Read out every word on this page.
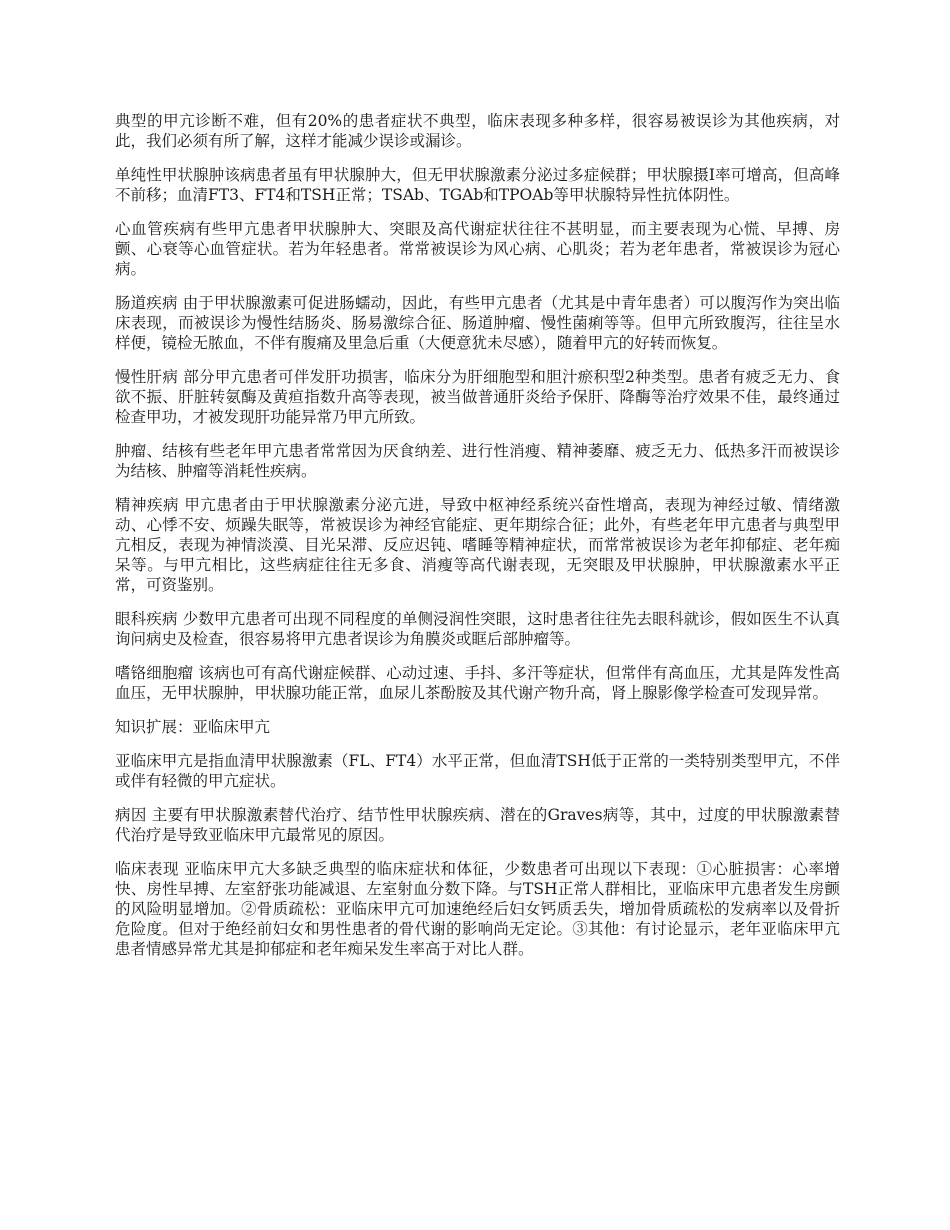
典型的甲亢诊断不难，但有20%的患者症状不典型，临床表现多种多样，很容易被误诊为其他疾病，对此，我们必须有所了解，这样才能减少误诊或漏诊。

单纯性甲状腺肿该病患者虽有甲状腺肿大，但无甲状腺激素分泌过多症候群；甲状腺摄I率可增高，但高峰不前移；血清FT3、FT4和TSH正常；TSAb、TGAb和TPOAb等甲状腺特异性抗体阴性。

心血管疾病有些甲亢患者甲状腺肿大、突眼及高代谢症状往往不甚明显，而主要表现为心慌、早搏、房颤、心衰等心血管症状。若为年轻患者。常常被误诊为风心病、心肌炎；若为老年患者，常被误诊为冠心病。

肠道疾病 由于甲状腺激素可促进肠蠕动，因此，有些甲亢患者（尤其是中青年患者）可以腹泻作为突出临床表现，而被误诊为慢性结肠炎、肠易激综合征、肠道肿瘤、慢性菌痢等等。但甲亢所致腹泻，往往呈水样便，镜检无脓血，不伴有腹痛及里急后重（大便意犹未尽感），随着甲亢的好转而恢复。

慢性肝病 部分甲亢患者可伴发肝功损害，临床分为肝细胞型和胆汁瘀积型2种类型。患者有疲乏无力、食欲不振、肝脏转氨酶及黄疸指数升高等表现，被当做普通肝炎给予保肝、降酶等治疗效果不佳，最终通过检查甲功，才被发现肝功能异常乃甲亢所致。

肿瘤、结核有些老年甲亢患者常常因为厌食纳差、进行性消瘦、精神萎靡、疲乏无力、低热多汗而被误诊为结核、肿瘤等消耗性疾病。

精神疾病 甲亢患者由于甲状腺激素分泌亢进，导致中枢神经系统兴奋性增高，表现为神经过敏、情绪激动、心悸不安、烦躁失眠等，常被误诊为神经官能症、更年期综合征；此外，有些老年甲亢患者与典型甲亢相反，表现为神情淡漠、目光呆滞、反应迟钝、嗜睡等精神症状，而常常被误诊为老年抑郁症、老年痴呆等。与甲亢相比，这些病症往往无多食、消瘦等高代谢表现，无突眼及甲状腺肿，甲状腺激素水平正常，可资鉴别。

眼科疾病 少数甲亢患者可出现不同程度的单侧浸润性突眼，这时患者往往先去眼科就诊，假如医生不认真询问病史及检查，很容易将甲亢患者误诊为角膜炎或眶后部肿瘤等。

嗜铬细胞瘤 该病也可有高代谢症候群、心动过速、手抖、多汗等症状，但常伴有高血压，尤其是阵发性高血压，无甲状腺肿，甲状腺功能正常，血尿儿茶酚胺及其代谢产物升高，肾上腺影像学检查可发现异常。

知识扩展：亚临床甲亢

亚临床甲亢是指血清甲状腺激素（FL、FT4）水平正常，但血清TSH低于正常的一类特别类型甲亢，不伴或伴有轻微的甲亢症状。

病因 主要有甲状腺激素替代治疗、结节性甲状腺疾病、潜在的Graves病等，其中，过度的甲状腺激素替代治疗是导致亚临床甲亢最常见的原因。

临床表现 亚临床甲亢大多缺乏典型的临床症状和体征，少数患者可出现以下表现：①心脏损害：心率增快、房性早搏、左室舒张功能减退、左室射血分数下降。与TSH正常人群相比，亚临床甲亢患者发生房颤的风险明显增加。②骨质疏松：亚临床甲亢可加速绝经后妇女钙质丢失，增加骨质疏松的发病率以及骨折危险度。但对于绝经前妇女和男性患者的骨代谢的影响尚无定论。③其他：有讨论显示，老年亚临床甲亢患者情感异常尤其是抑郁症和老年痴呆发生率高于对比人群。
